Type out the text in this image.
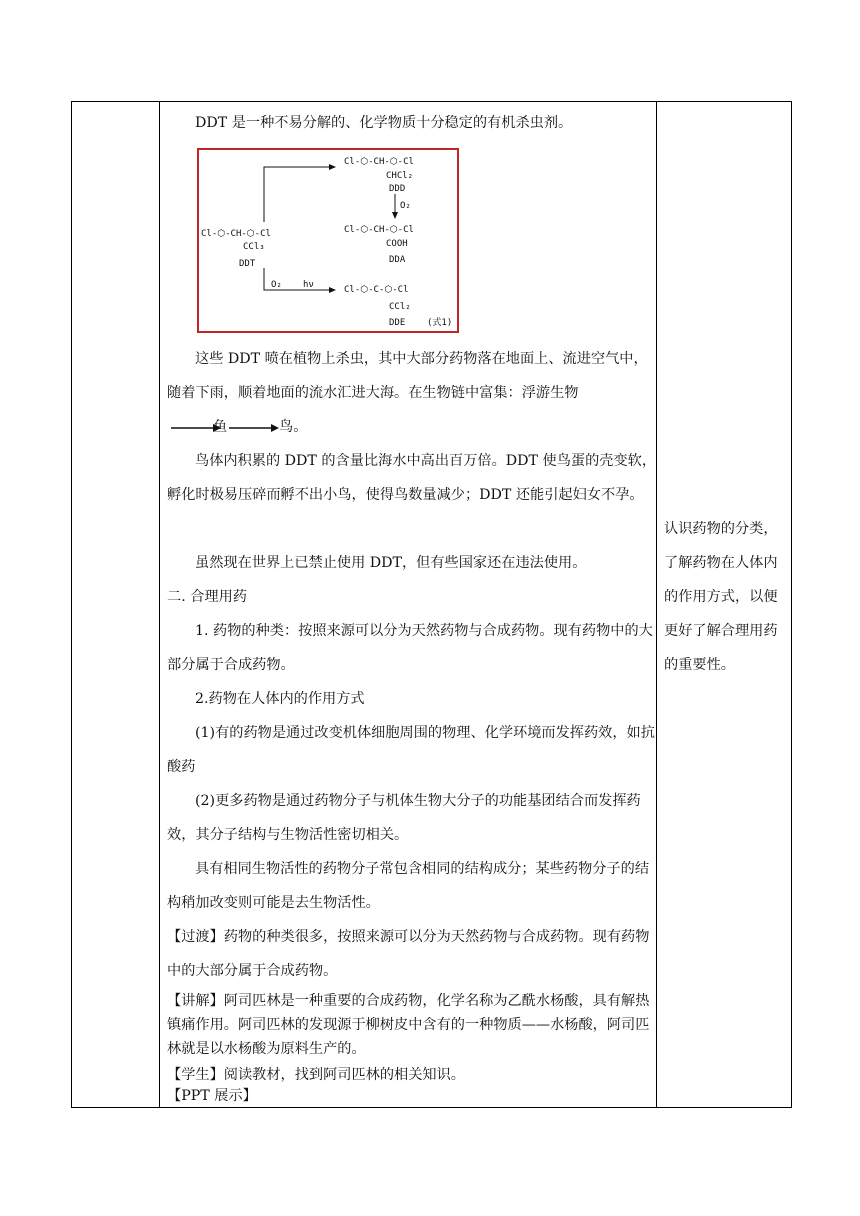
DDT 是一种不易分解的、化学物质十分稳定的有机杀虫剂。
Cl-⬡-CH-⬡-Cl
CCl₃
DDT
Cl-⬡-CH-⬡-Cl
CHCl₂
DDD
O₂
Cl-⬡-CH-⬡-Cl
COOH
DDA
O₂ hν	Cl-⬡-C-⬡-Cl
CCl₂
DDE (式1)
这些 DDT 喷在植物上杀虫，其中大部分药物落在地面上、流进空气中，随着下雨，顺着地面的流水汇进大海。在生物链中富集：浮游生物
鱼	鸟。
鸟体内积累的 DDT 的含量比海水中高出百万倍。DDT 使鸟蛋的壳变软，孵化时极易压碎而孵不出小鸟，使得鸟数量减少；DDT 还能引起妇女不孕。
虽然现在世界上已禁止使用 DDT，但有些国家还在违法使用。
二. 合理用药
1. 药物的种类：按照来源可以分为天然药物与合成药物。现有药物中的大部分属于合成药物。
2.药物在人体内的作用方式
(1)有的药物是通过改变机体细胞周围的物理、化学环境而发挥药效，如抗酸药
(2)更多药物是通过药物分子与机体生物大分子的功能基团结合而发挥药效，其分子结构与生物活性密切相关。
具有相同生物活性的药物分子常包含相同的结构成分；某些药物分子的结构稍加改变则可能是去生物活性。
【过渡】药物的种类很多，按照来源可以分为天然药物与合成药物。现有药物中的大部分属于合成药物。
【讲解】阿司匹林是一种重要的合成药物，化学名称为乙酰水杨酸，具有解热镇痛作用。阿司匹林的发现源于柳树皮中含有的一种物质——水杨酸，阿司匹林就是以水杨酸为原料生产的。
【学生】阅读教材，找到阿司匹林的相关知识。
【PPT 展示】
认识药物的分类，了解药物在人体内的作用方式，以便更好了解合理用药的重要性。
